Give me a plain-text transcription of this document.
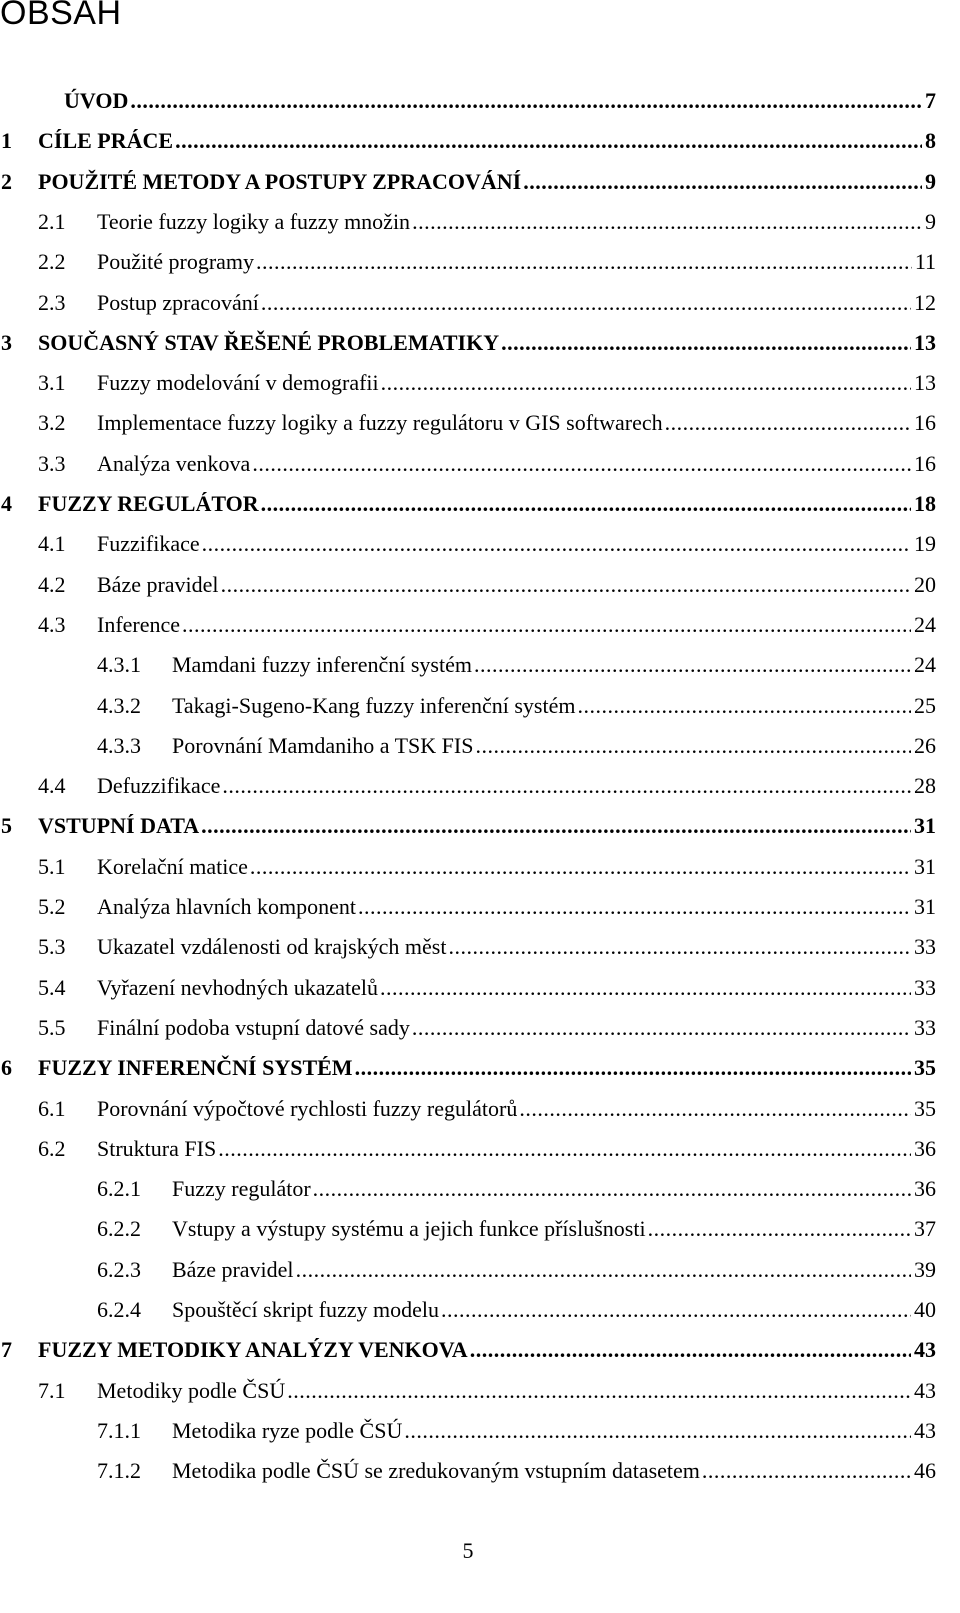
OBSAH
ÚVOD .....	7
1 CÍLE PRÁCE .....	8
2 POUŽITÉ METODY A POSTUPY ZPRACOVÁNÍ .....	9
2.1 Teorie fuzzy logiky a fuzzy množin .....	9
2.2 Použité programy .....	11
2.3 Postup zpracování .....	12
3 SOUČASNÝ STAV ŘEŠENÉ PROBLEMATIKY .....	13
3.1 Fuzzy modelování v demografii .....	13
3.2 Implementace fuzzy logiky a fuzzy regulátoru v GIS softwarech .....	16
3.3 Analýza venkova .....	16
4 FUZZY REGULÁTOR .....	18
4.1 Fuzzifikace .....	19
4.2 Báze pravidel .....	20
4.3 Inference .....	24
4.3.1 Mamdani fuzzy inferenční systém .....	24
4.3.2 Takagi-Sugeno-Kang fuzzy inferenční systém .....	25
4.3.3 Porovnání Mamdaniho a TSK FIS .....	26
4.4 Defuzzifikace .....	28
5 VSTUPNÍ DATA .....	31
5.1 Korelační matice .....	31
5.2 Analýza hlavních komponent .....	31
5.3 Ukazatel vzdálenosti od krajských měst .....	33
5.4 Vyřazení nevhodných ukazatelů .....	33
5.5 Finální podoba vstupní datové sady .....	33
6 FUZZY INFERENČNÍ SYSTÉM .....	35
6.1 Porovnání výpočtové rychlosti fuzzy regulátorů .....	35
6.2 Struktura FIS .....	36
6.2.1 Fuzzy regulátor .....	36
6.2.2 Vstupy a výstupy systému a jejich funkce příslušnosti .....	37
6.2.3 Báze pravidel .....	39
6.2.4 Spouštěcí skript fuzzy modelu .....	40
7 FUZZY METODIKY ANALÝZY VENKOVA .....	43
7.1 Metodiky podle ČSÚ .....	43
7.1.1 Metodika ryze podle ČSÚ .....	43
7.1.2 Metodika podle ČSÚ se zredukovaným vstupním datasetem .....	46
5
